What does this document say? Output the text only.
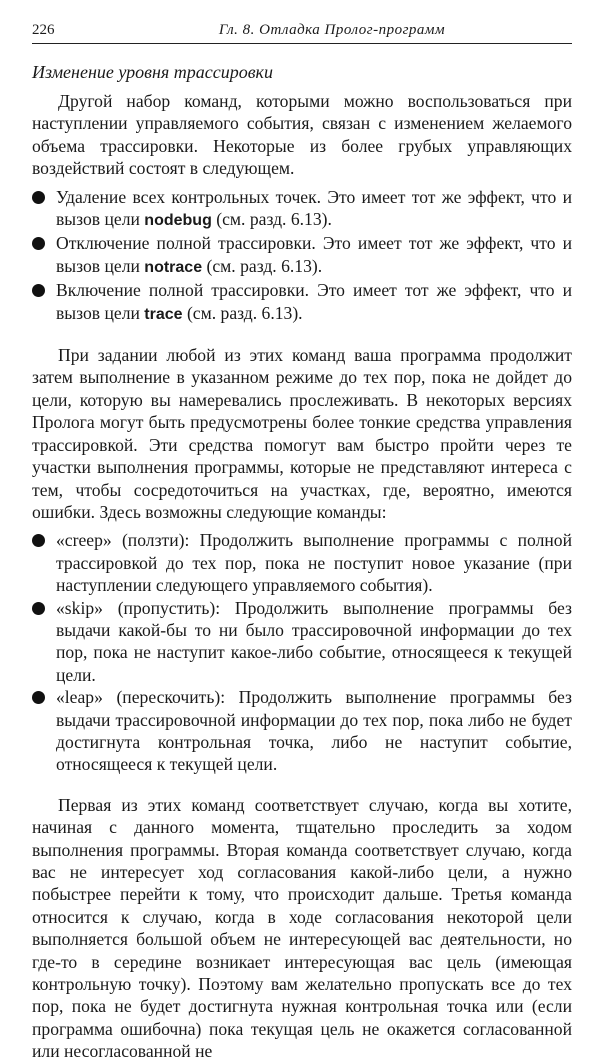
226	Гл. 8. Отладка Пролог-программ
Изменение уровня трассировки

Другой набор команд, которыми можно воспользоваться при наступлении управляемого события, связан с изменением желаемого объема трассировки. Некоторые из более грубых управляющих воздействий состоят в следующем.

Удаление всех контрольных точек. Это имеет тот же эффект, что и вызов цели nodebug (см. разд. 6.13).
Отключение полной трассировки. Это имеет тот же эффект, что и вызов цели notrace (см. разд. 6.13).
Включение полной трассировки. Это имеет тот же эффект, что и вызов цели trace (см. разд. 6.13).

При задании любой из этих команд ваша программа продолжит затем выполнение в указанном режиме до тех пор, пока не дойдет до цели, которую вы намеревались прослеживать. В некоторых версиях Пролога могут быть предусмотрены более тонкие средства управления трассировкой. Эти средства помогут вам быстро пройти через те участки выполнения программы, которые не представляют интереса с тем, чтобы сосредоточиться на участках, где, вероятно, имеются ошибки. Здесь возможны следующие команды:

«creep» (ползти): Продолжить выполнение программы с полной трассировкой до тех пор, пока не поступит новое указание (при наступлении следующего управляемого события).
«skip» (пропустить): Продолжить выполнение программы без выдачи какой-бы то ни было трассировочной информации до тех пор, пока не наступит какое-либо событие, относящееся к текущей цели.
«leap» (перескочить): Продолжить выполнение программы без выдачи трассировочной информации до тех пор, пока либо не будет достигнута контрольная точка, либо не наступит событие, относящееся к текущей цели.

Первая из этих команд соответствует случаю, когда вы хотите, начиная с данного момента, тщательно проследить за ходом выполнения программы. Вторая команда соответствует случаю, когда вас не интересует ход согласования какой-либо цели, а нужно побыстрее перейти к тому, что происходит дальше. Третья команда относится к случаю, когда в ходе согласования некоторой цели выполняется большой объем не интересующей вас деятельности, но где-то в середине возникает интересующая вас цель (имеющая контрольную точку). Поэтому вам желательно пропускать все до тех пор, пока не будет достигнута нужная контрольная точка или (если программа ошибочна) пока текущая цель не окажется согласованной или несогласованной не
